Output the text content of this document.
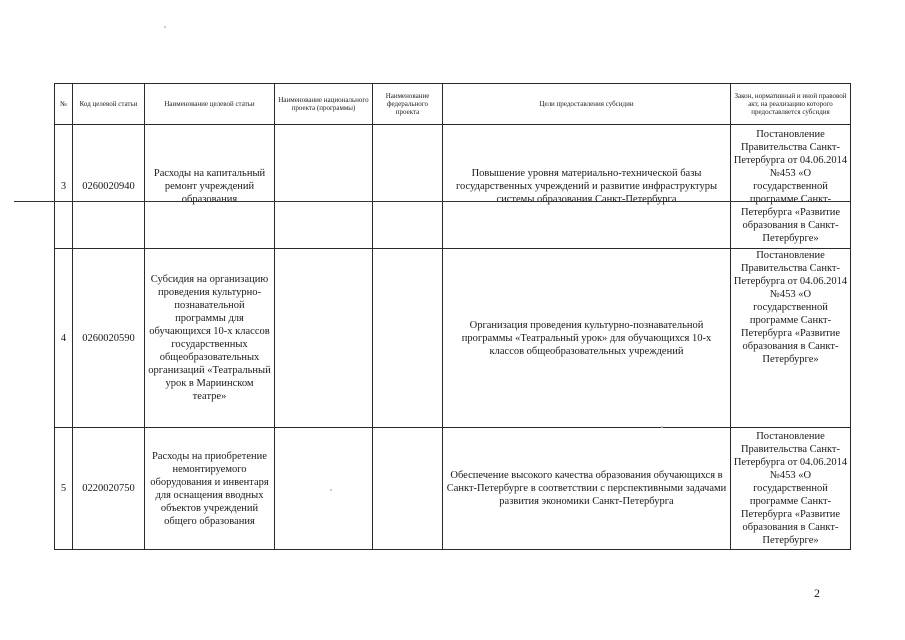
№	Код целевой статьи	Наименование целевой статьи	Наименование национального проекта (программы)	Наименование федерального проекта	Цели предоставления субсидии	Закон, нормативный и иной правовой акт, на реализацию которого предоставляется субсидия
3	0260020940	Расходы на капитальный ремонт учреждений образования			Повышение уровня материально-технической базы государственных учреждений и развитие инфраструктуры системы образования Санкт-Петербурга	Постановление Правительства Санкт-Петербурга от 04.06.2014 №453 «О государственной программе Санкт-Петербурга «Развитие образования в Санкт-Петербурге»
4	0260020590	Субсидия на организацию проведения культурно-познавательной программы для обучающихся 10-х классов государственных общеобразовательных организаций «Театральный урок в Мариинском театре»			Организация проведения культурно-познавательной программы «Театральный урок» для обучающихся 10-х классов общеобразовательных учреждений	Постановление Правительства Санкт-Петербурга от 04.06.2014 №453 «О государственной программе Санкт-Петербурга «Развитие образования в Санкт-Петербурге»
5	0220020750	Расходы на приобретение немонтируемого оборудования и инвентаря для оснащения вводных объектов учреждений общего образования			Обеспечение высокого качества образования обучающихся в Санкт-Петербурге в соответствии с перспективными задачами развития экономики Санкт-Петербурга	Постановление Правительства Санкт-Петербурга от 04.06.2014 №453 «О государственной программе Санкт-Петербурга «Развитие образования в Санкт-Петербурге»
2
